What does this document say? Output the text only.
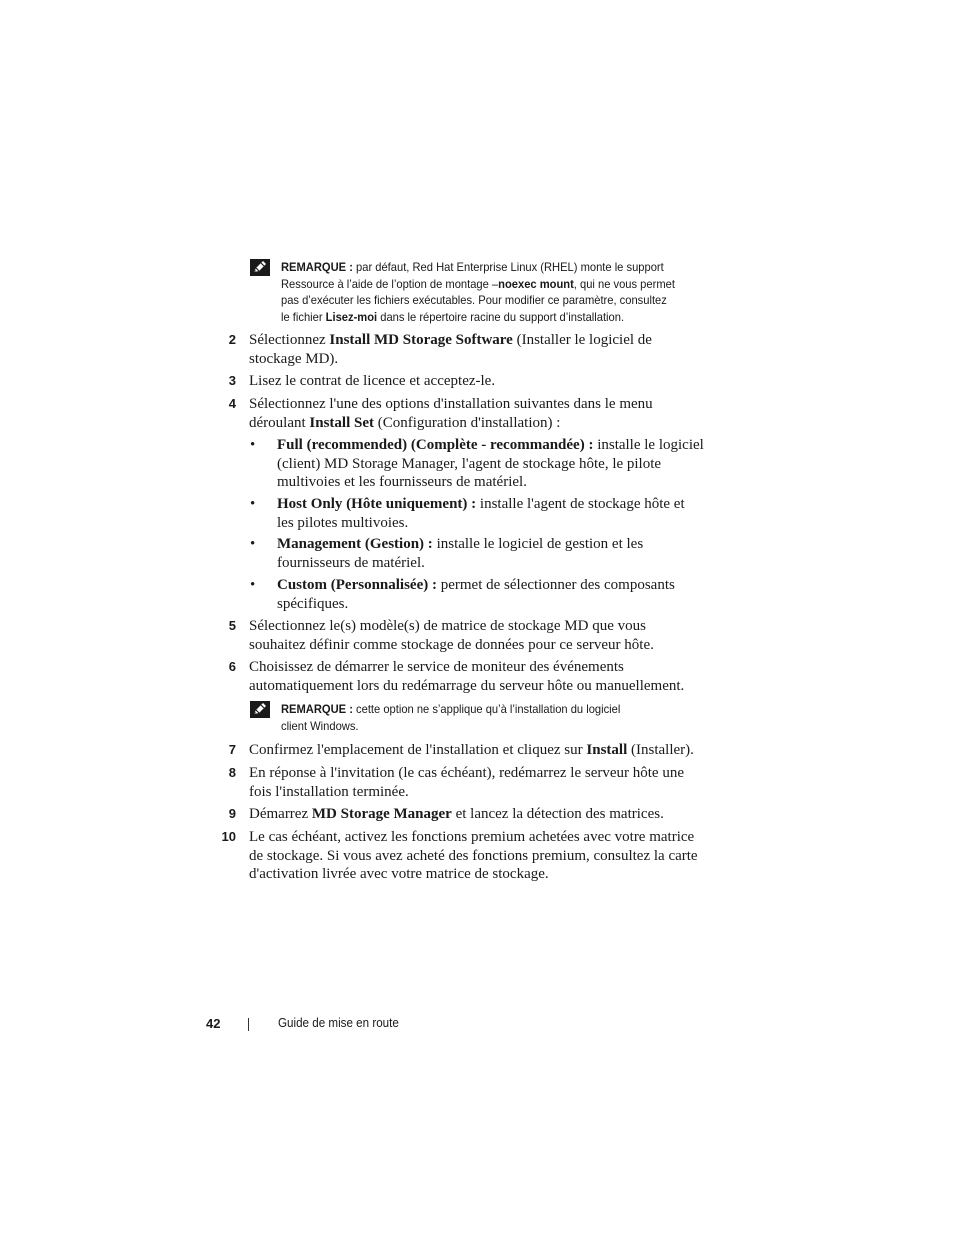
REMARQUE : par défaut, Red Hat Enterprise Linux (RHEL) monte le support
Ressource à l’aide de l’option de montage –noexec mount, qui ne vous permet
pas d’exécuter les fichiers exécutables. Pour modifier ce paramètre, consultez
le fichier Lisez-moi dans le répertoire racine du support d’installation.
2 Sélectionnez Install MD Storage Software (Installer le logiciel de
stockage MD).
3 Lisez le contrat de licence et acceptez-le.
4 Sélectionnez l'une des options d'installation suivantes dans le menu
déroulant Install Set (Configuration d'installation) :
• Full (recommended) (Complète - recommandée) : installe le logiciel
(client) MD Storage Manager, l'agent de stockage hôte, le pilote
multivoies et les fournisseurs de matériel.
• Host Only (Hôte uniquement) : installe l'agent de stockage hôte et
les pilotes multivoies.
• Management (Gestion) : installe le logiciel de gestion et les
fournisseurs de matériel.
• Custom (Personnalisée) : permet de sélectionner des composants
spécifiques.
5 Sélectionnez le(s) modèle(s) de matrice de stockage MD que vous
souhaitez définir comme stockage de données pour ce serveur hôte.
6 Choisissez de démarrer le service de moniteur des événements
automatiquement lors du redémarrage du serveur hôte ou manuellement.
REMARQUE : cette option ne s’applique qu’à l’installation du logiciel
client Windows.
7 Confirmez l'emplacement de l'installation et cliquez sur Install (Installer).
8 En réponse à l'invitation (le cas échéant), redémarrez le serveur hôte une
fois l'installation terminée.
9 Démarrez MD Storage Manager et lancez la détection des matrices.
10 Le cas échéant, activez les fonctions premium achetées avec votre matrice
de stockage. Si vous avez acheté des fonctions premium, consultez la carte
d'activation livrée avec votre matrice de stockage.
42	Guide de mise en route
